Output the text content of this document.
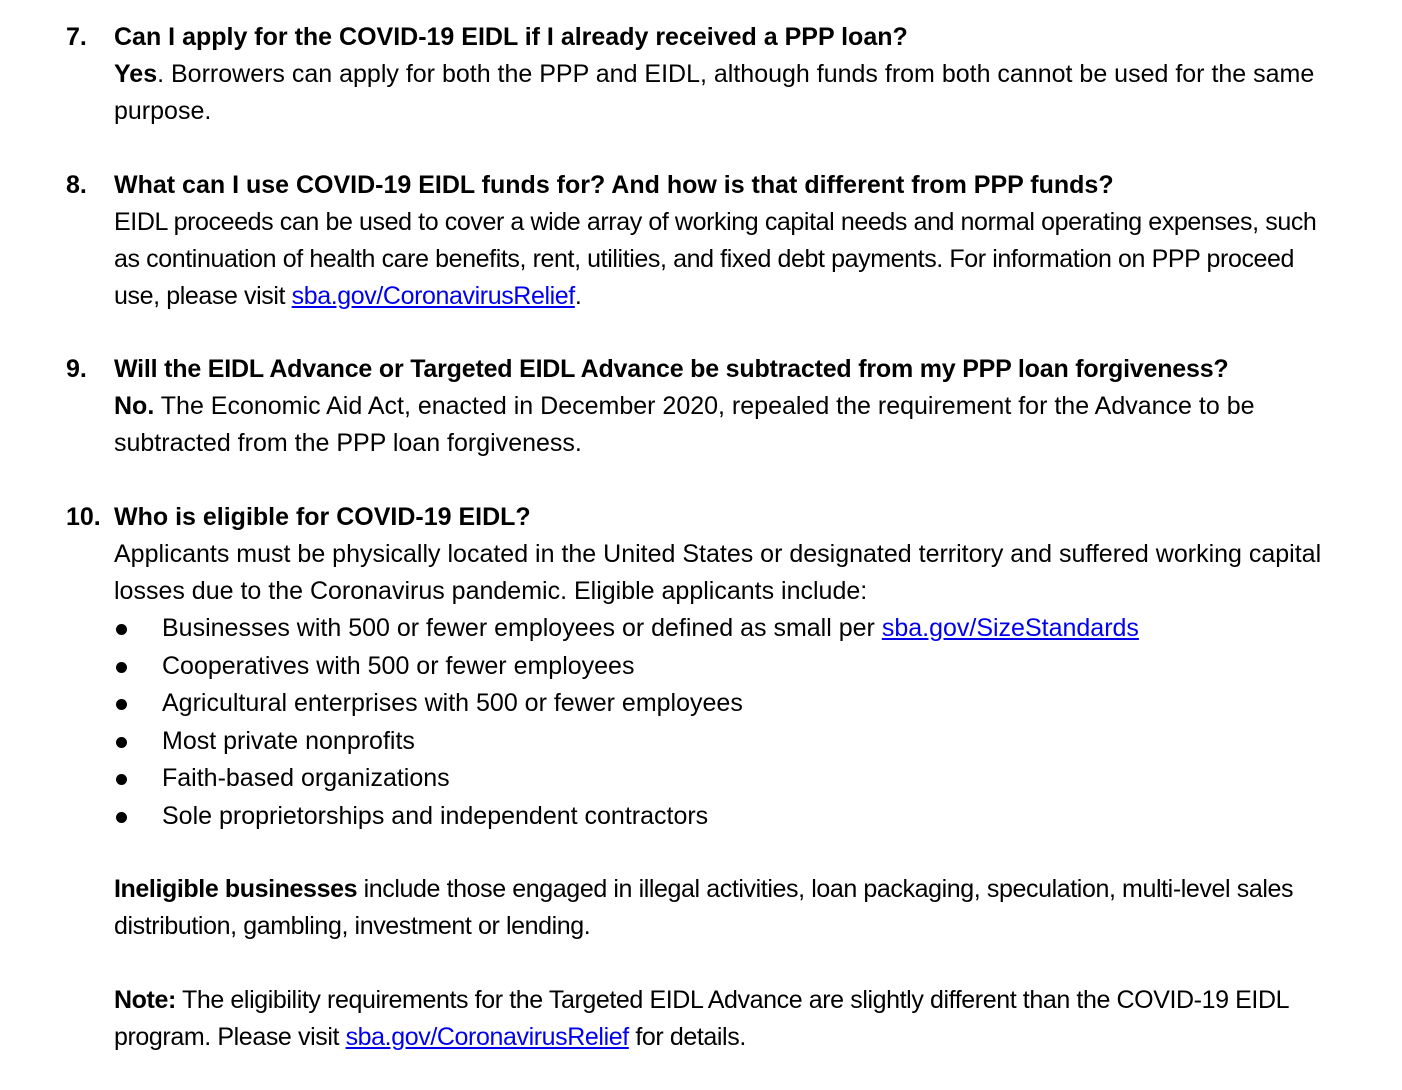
7. Can I apply for the COVID-19 EIDL if I already received a PPP loan?
Yes. Borrowers can apply for both the PPP and EIDL, although funds from both cannot be used for the same purpose.
8. What can I use COVID-19 EIDL funds for? And how is that different from PPP funds?
EIDL proceeds can be used to cover a wide array of working capital needs and normal operating expenses, such as continuation of health care benefits, rent, utilities, and fixed debt payments. For information on PPP proceed use, please visit sba.gov/CoronavirusRelief.
9. Will the EIDL Advance or Targeted EIDL Advance be subtracted from my PPP loan forgiveness?
No. The Economic Aid Act, enacted in December 2020, repealed the requirement for the Advance to be subtracted from the PPP loan forgiveness.
10. Who is eligible for COVID-19 EIDL?
Applicants must be physically located in the United States or designated territory and suffered working capital losses due to the Coronavirus pandemic. Eligible applicants include:
Businesses with 500 or fewer employees or defined as small per sba.gov/SizeStandards
Cooperatives with 500 or fewer employees
Agricultural enterprises with 500 or fewer employees
Most private nonprofits
Faith-based organizations
Sole proprietorships and independent contractors
Ineligible businesses include those engaged in illegal activities, loan packaging, speculation, multi-level sales distribution, gambling, investment or lending.
Note: The eligibility requirements for the Targeted EIDL Advance are slightly different than the COVID-19 EIDL program. Please visit sba.gov/CoronavirusRelief for details.
